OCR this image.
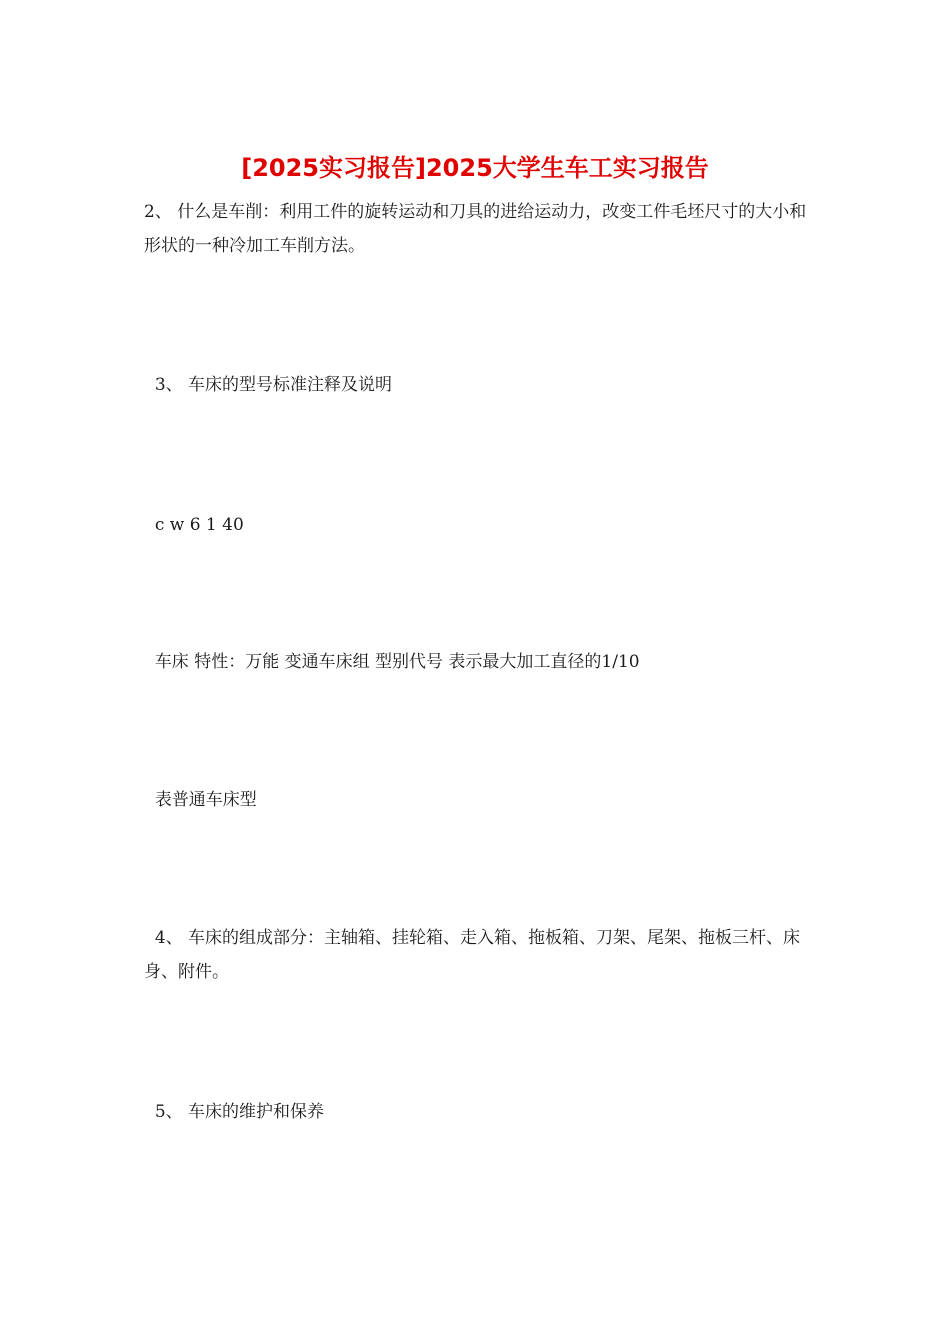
[2025实习报告]2025大学生车工实习报告

2、 什么是车削：利用工件的旋转运动和刀具的进给运动力，改变工件毛坯尺寸的大小和形状的一种冷加工车削方法。

3、 车床的型号标准注释及说明

c w 6 1 40

车床 特性：万能 变通车床组 型别代号 表示最大加工直径的1/10

表普通车床型

4、 车床的组成部分：主轴箱、挂轮箱、走入箱、拖板箱、刀架、尾架、拖板三杆、床身、附件。

5、 车床的维护和保养
